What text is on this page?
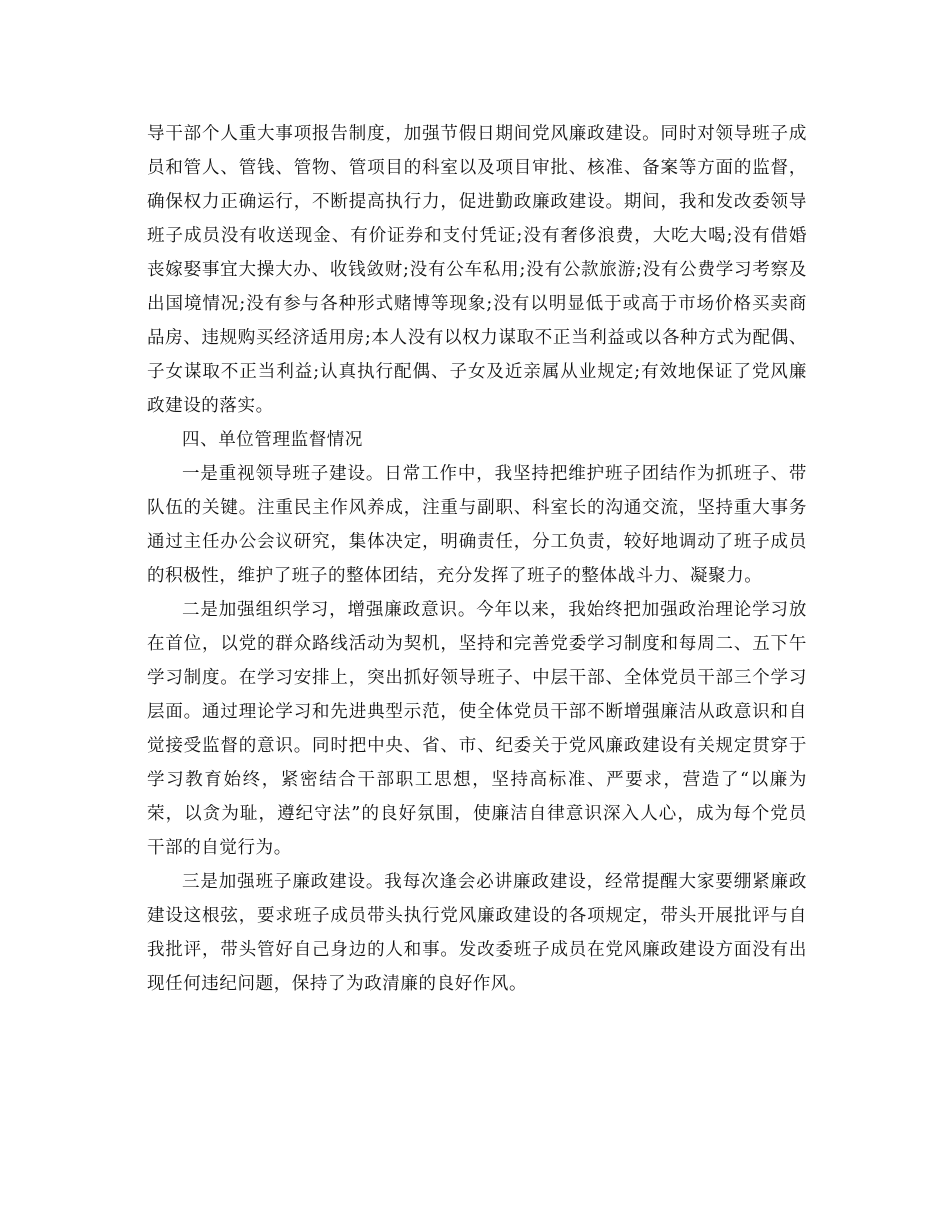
导干部个人重大事项报告制度，加强节假日期间党风廉政建设。同时对领导班子成员和管人、管钱、管物、管项目的科室以及项目审批、核准、备案等方面的监督，确保权力正确运行，不断提高执行力，促进勤政廉政建设。期间，我和发改委领导班子成员没有收送现金、有价证券和支付凭证;没有奢侈浪费，大吃大喝;没有借婚丧嫁娶事宜大操大办、收钱敛财;没有公车私用;没有公款旅游;没有公费学习考察及出国境情况;没有参与各种形式赌博等现象;没有以明显低于或高于市场价格买卖商品房、违规购买经济适用房;本人没有以权力谋取不正当利益或以各种方式为配偶、子女谋取不正当利益;认真执行配偶、子女及近亲属从业规定;有效地保证了党风廉政建设的落实。

四、单位管理监督情况

一是重视领导班子建设。日常工作中，我坚持把维护班子团结作为抓班子、带队伍的关键。注重民主作风养成，注重与副职、科室长的沟通交流，坚持重大事务通过主任办公会议研究，集体决定，明确责任，分工负责，较好地调动了班子成员的积极性，维护了班子的整体团结，充分发挥了班子的整体战斗力、凝聚力。

二是加强组织学习，增强廉政意识。今年以来，我始终把加强政治理论学习放在首位，以党的群众路线活动为契机，坚持和完善党委学习制度和每周二、五下午学习制度。在学习安排上，突出抓好领导班子、中层干部、全体党员干部三个学习层面。通过理论学习和先进典型示范，使全体党员干部不断增强廉洁从政意识和自觉接受监督的意识。同时把中央、省、市、纪委关于党风廉政建设有关规定贯穿于学习教育始终，紧密结合干部职工思想，坚持高标准、严要求，营造了“以廉为荣，以贪为耻，遵纪守法”的良好氛围，使廉洁自律意识深入人心，成为每个党员干部的自觉行为。

三是加强班子廉政建设。我每次逢会必讲廉政建设，经常提醒大家要绷紧廉政建设这根弦，要求班子成员带头执行党风廉政建设的各项规定，带头开展批评与自我批评，带头管好自己身边的人和事。发改委班子成员在党风廉政建设方面没有出现任何违纪问题，保持了为政清廉的良好作风。
